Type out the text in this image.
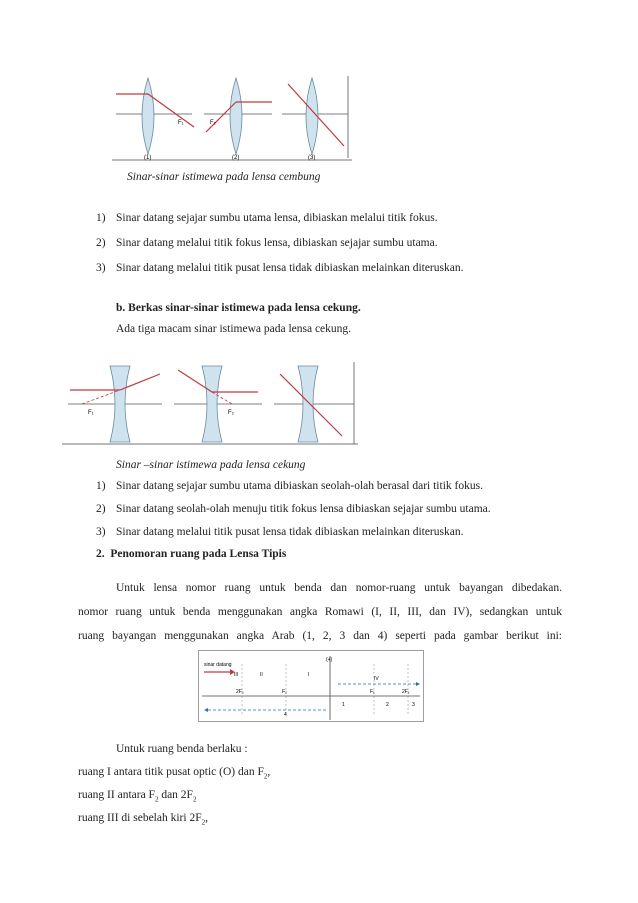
F₁
(1)
F₂
(2)	(3)
Sinar-sinar istimewa pada lensa cembung
1) Sinar datang sejajar sumbu utama lensa, dibiaskan melalui titik fokus.
2) Sinar datang melalui titik fokus lensa, dibiaskan sejajar sumbu utama.
3) Sinar datang melalui titik pusat lensa tidak dibiaskan melainkan diteruskan.
b. Berkas sinar-sinar istimewa pada lensa cekung.
Ada tiga macam sinar istimewa pada lensa cekung.
F₁	F₂
Sinar –sinar istimewa pada lensa cekung
1) Sinar datang sejajar sumbu utama dibiaskan seolah-olah berasal dari titik fokus.
2) Sinar datang seolah-olah menuju titik fokus lensa dibiaskan sejajar sumbu utama.
3) Sinar datang melalui titik pusat lensa tidak dibiaskan melainkan diteruskan.
2.  Penomoran ruang pada Lensa Tipis
Untuk lensa nomor ruang untuk benda dan nomor-ruang untuk bayangan dibedakan.
nomor ruang untuk benda menggunakan angka Romawi (I, II, III, dan IV), sedangkan untuk
ruang bayangan menggunakan angka Arab (1, 2, 3 dan 4) seperti pada gambar berikut ini:
(+)
sinar datang
III	II	I
IV
2F₂	F₂	F₁	2F₁
4
1	2	3
Untuk ruang benda berlaku :
ruang I antara titik pusat optic (O) dan $F_2$,
ruang II antara $F_2$ dan $2F_2$
ruang III di sebelah kiri $2F_2$,
